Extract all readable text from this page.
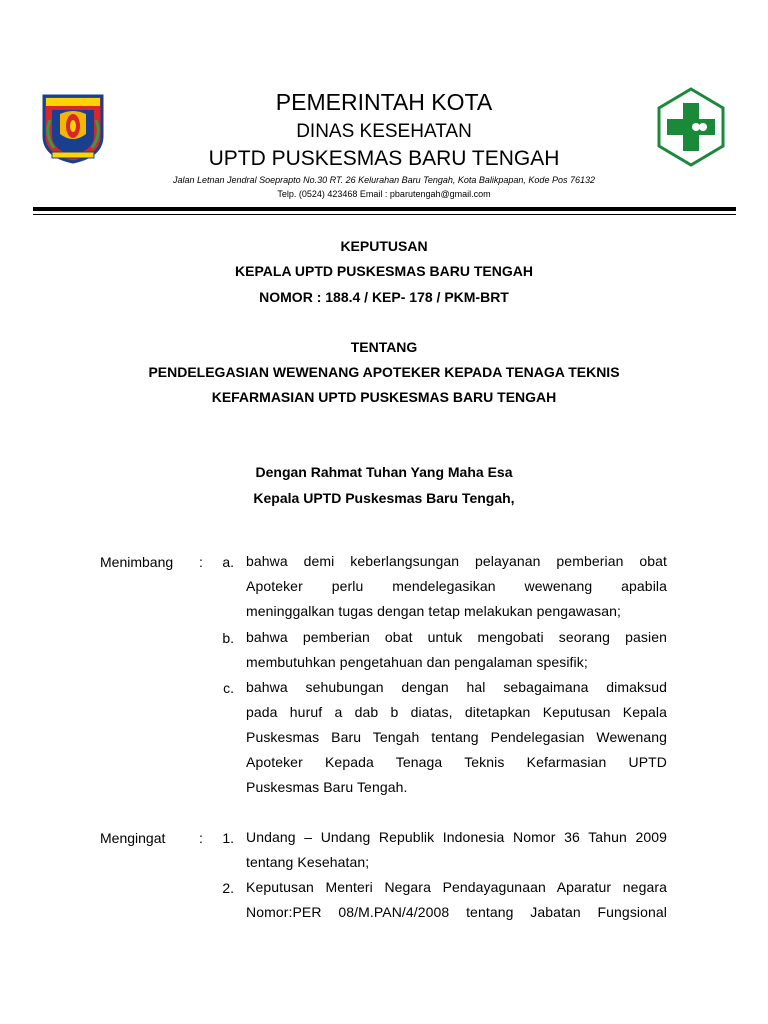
PEMERINTAH KOTA
DINAS KESEHATAN
UPTD PUSKESMAS BARU TENGAH
Jalan Letnan Jendral Soeprapto No.30 RT. 26 Kelurahan Baru Tengah, Kota Balikpapan, Kode Pos 76132
Telp. (0524) 423468 Email : pbarutengah@gmail.com
KEPUTUSAN
KEPALA UPTD PUSKESMAS BARU TENGAH
NOMOR : 188.4 / KEP- 178 / PKM-BRT
TENTANG
PENDELEGASIAN WEWENANG APOTEKER KEPADA TENAGA TEKNIS
KEFARMASIAN UPTD PUSKESMAS BARU TENGAH
Dengan Rahmat Tuhan Yang Maha Esa
Kepala UPTD Puskesmas Baru Tengah,
Menimbang :	a. bahwa demi keberlangsungan pelayanan pemberian obat
Apoteker perlu mendelegasikan wewenang apabila
meninggalkan tugas dengan tetap melakukan pengawasan;
b. bahwa pemberian obat untuk mengobati seorang pasien
membutuhkan pengetahuan dan pengalaman spesifik;
c. bahwa sehubungan dengan hal sebagaimana dimaksud
pada huruf a dab b diatas, ditetapkan Keputusan Kepala
Puskesmas Baru Tengah tentang Pendelegasian Wewenang
Apoteker Kepada Tenaga Teknis Kefarmasian UPTD
Puskesmas Baru Tengah.
Mengingat :	1. Undang – Undang Republik Indonesia Nomor 36 Tahun 2009
tentang Kesehatan;
2. Keputusan Menteri Negara Pendayagunaan Aparatur negara
Nomor:PER 08/M.PAN/4/2008 tentang Jabatan Fungsional
